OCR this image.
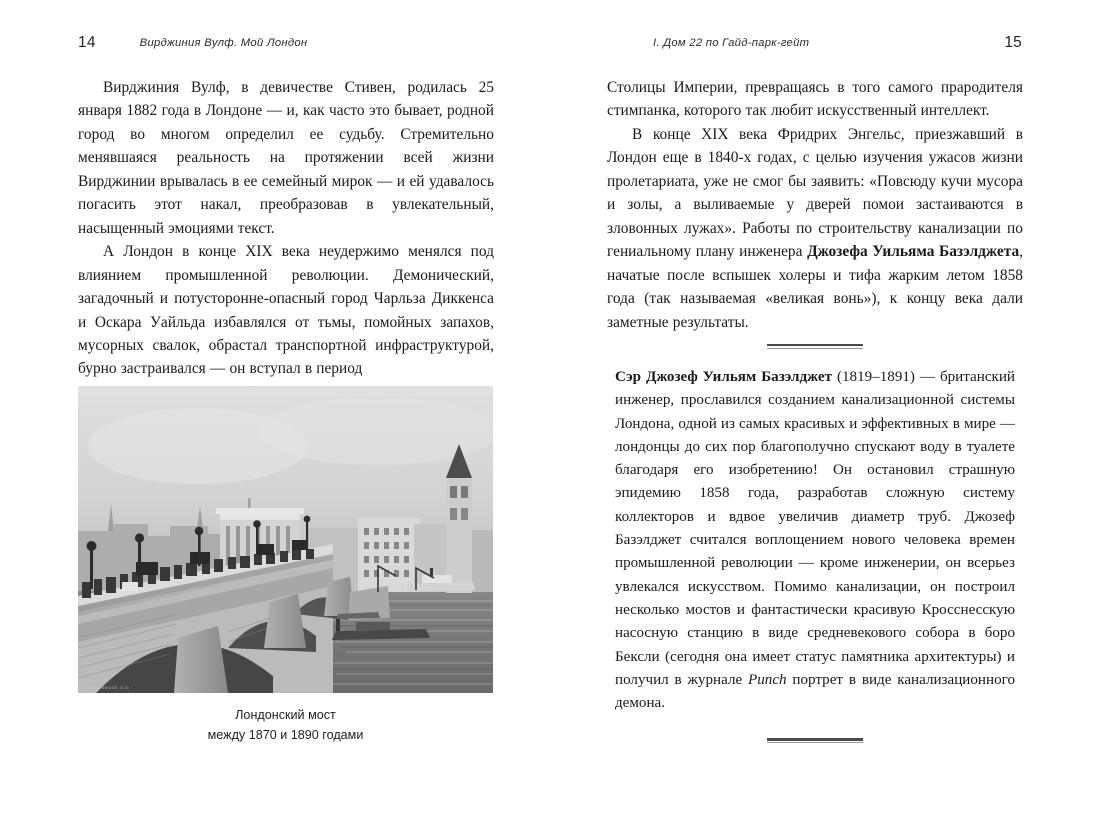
14	Вирджиния Вулф. Мой Лондон	I. Дом 22 по Гайд-парк-гейт	15

Вирджиния Вулф, в девичестве Стивен, родилась 25 января 1882 года в Лондоне — и, как часто это бывает, родной город во многом определил ее судьбу. Стремительно менявшаяся реальность на протяжении всей жизни Вирджинии врывалась в ее семейный мирок — и ей удавалось погасить этот накал, преобразовав в увлекательный, насыщенный эмоциями текст.

А Лондон в конце XIX века неудержимо менялся под влиянием промышленной революции. Демонический, загадочный и потусторонне-опасный город Чарльза Диккенса и Оскара Уайльда избавлялся от тьмы, помойных запахов, мусорных свалок, обрастал транспортной инфраструктурой, бурно застраивался — он вступал в период

LONDON BRIDGE. 8-10
Лондонский мост
между 1870 и 1890 годами

Столицы Империи, превращаясь в того самого прародителя стимпанка, которого так любит искусственный интеллект.

В конце XIX века Фридрих Энгельс, приезжавший в Лондон еще в 1840-х годах, с целью изучения ужасов жизни пролетариата, уже не смог бы заявить: «Повсюду кучи мусора и золы, а выливаемые у дверей помои застаиваются в зловонных лужах». Работы по строительству канализации по гениальному плану инженера Джозефа Уильяма Базэлджета, начатые после вспышек холеры и тифа жарким летом 1858 года (так называемая «великая вонь»), к концу века дали заметные результаты.

Сэр Джозеф Уильям Базэлджет (1819–1891) — британский инженер, прославился созданием канализационной системы Лондона, одной из самых красивых и эффективных в мире — лондонцы до сих пор благополучно спускают воду в туалете благодаря его изобретению! Он остановил страшную эпидемию 1858 года, разработав сложную систему коллекторов и вдвое увеличив диаметр труб. Джозеф Базэлджет считался воплощением нового человека времен промышленной революции — кроме инженерии, он всерьез увлекался искусством. Помимо канализации, он построил несколько мостов и фантастически красивую Кросснесскую насосную станцию в виде средневекового собора в боро Бексли (сегодня она имеет статус памятника архитектуры) и получил в журнале Punch портрет в виде канализационного демона.
